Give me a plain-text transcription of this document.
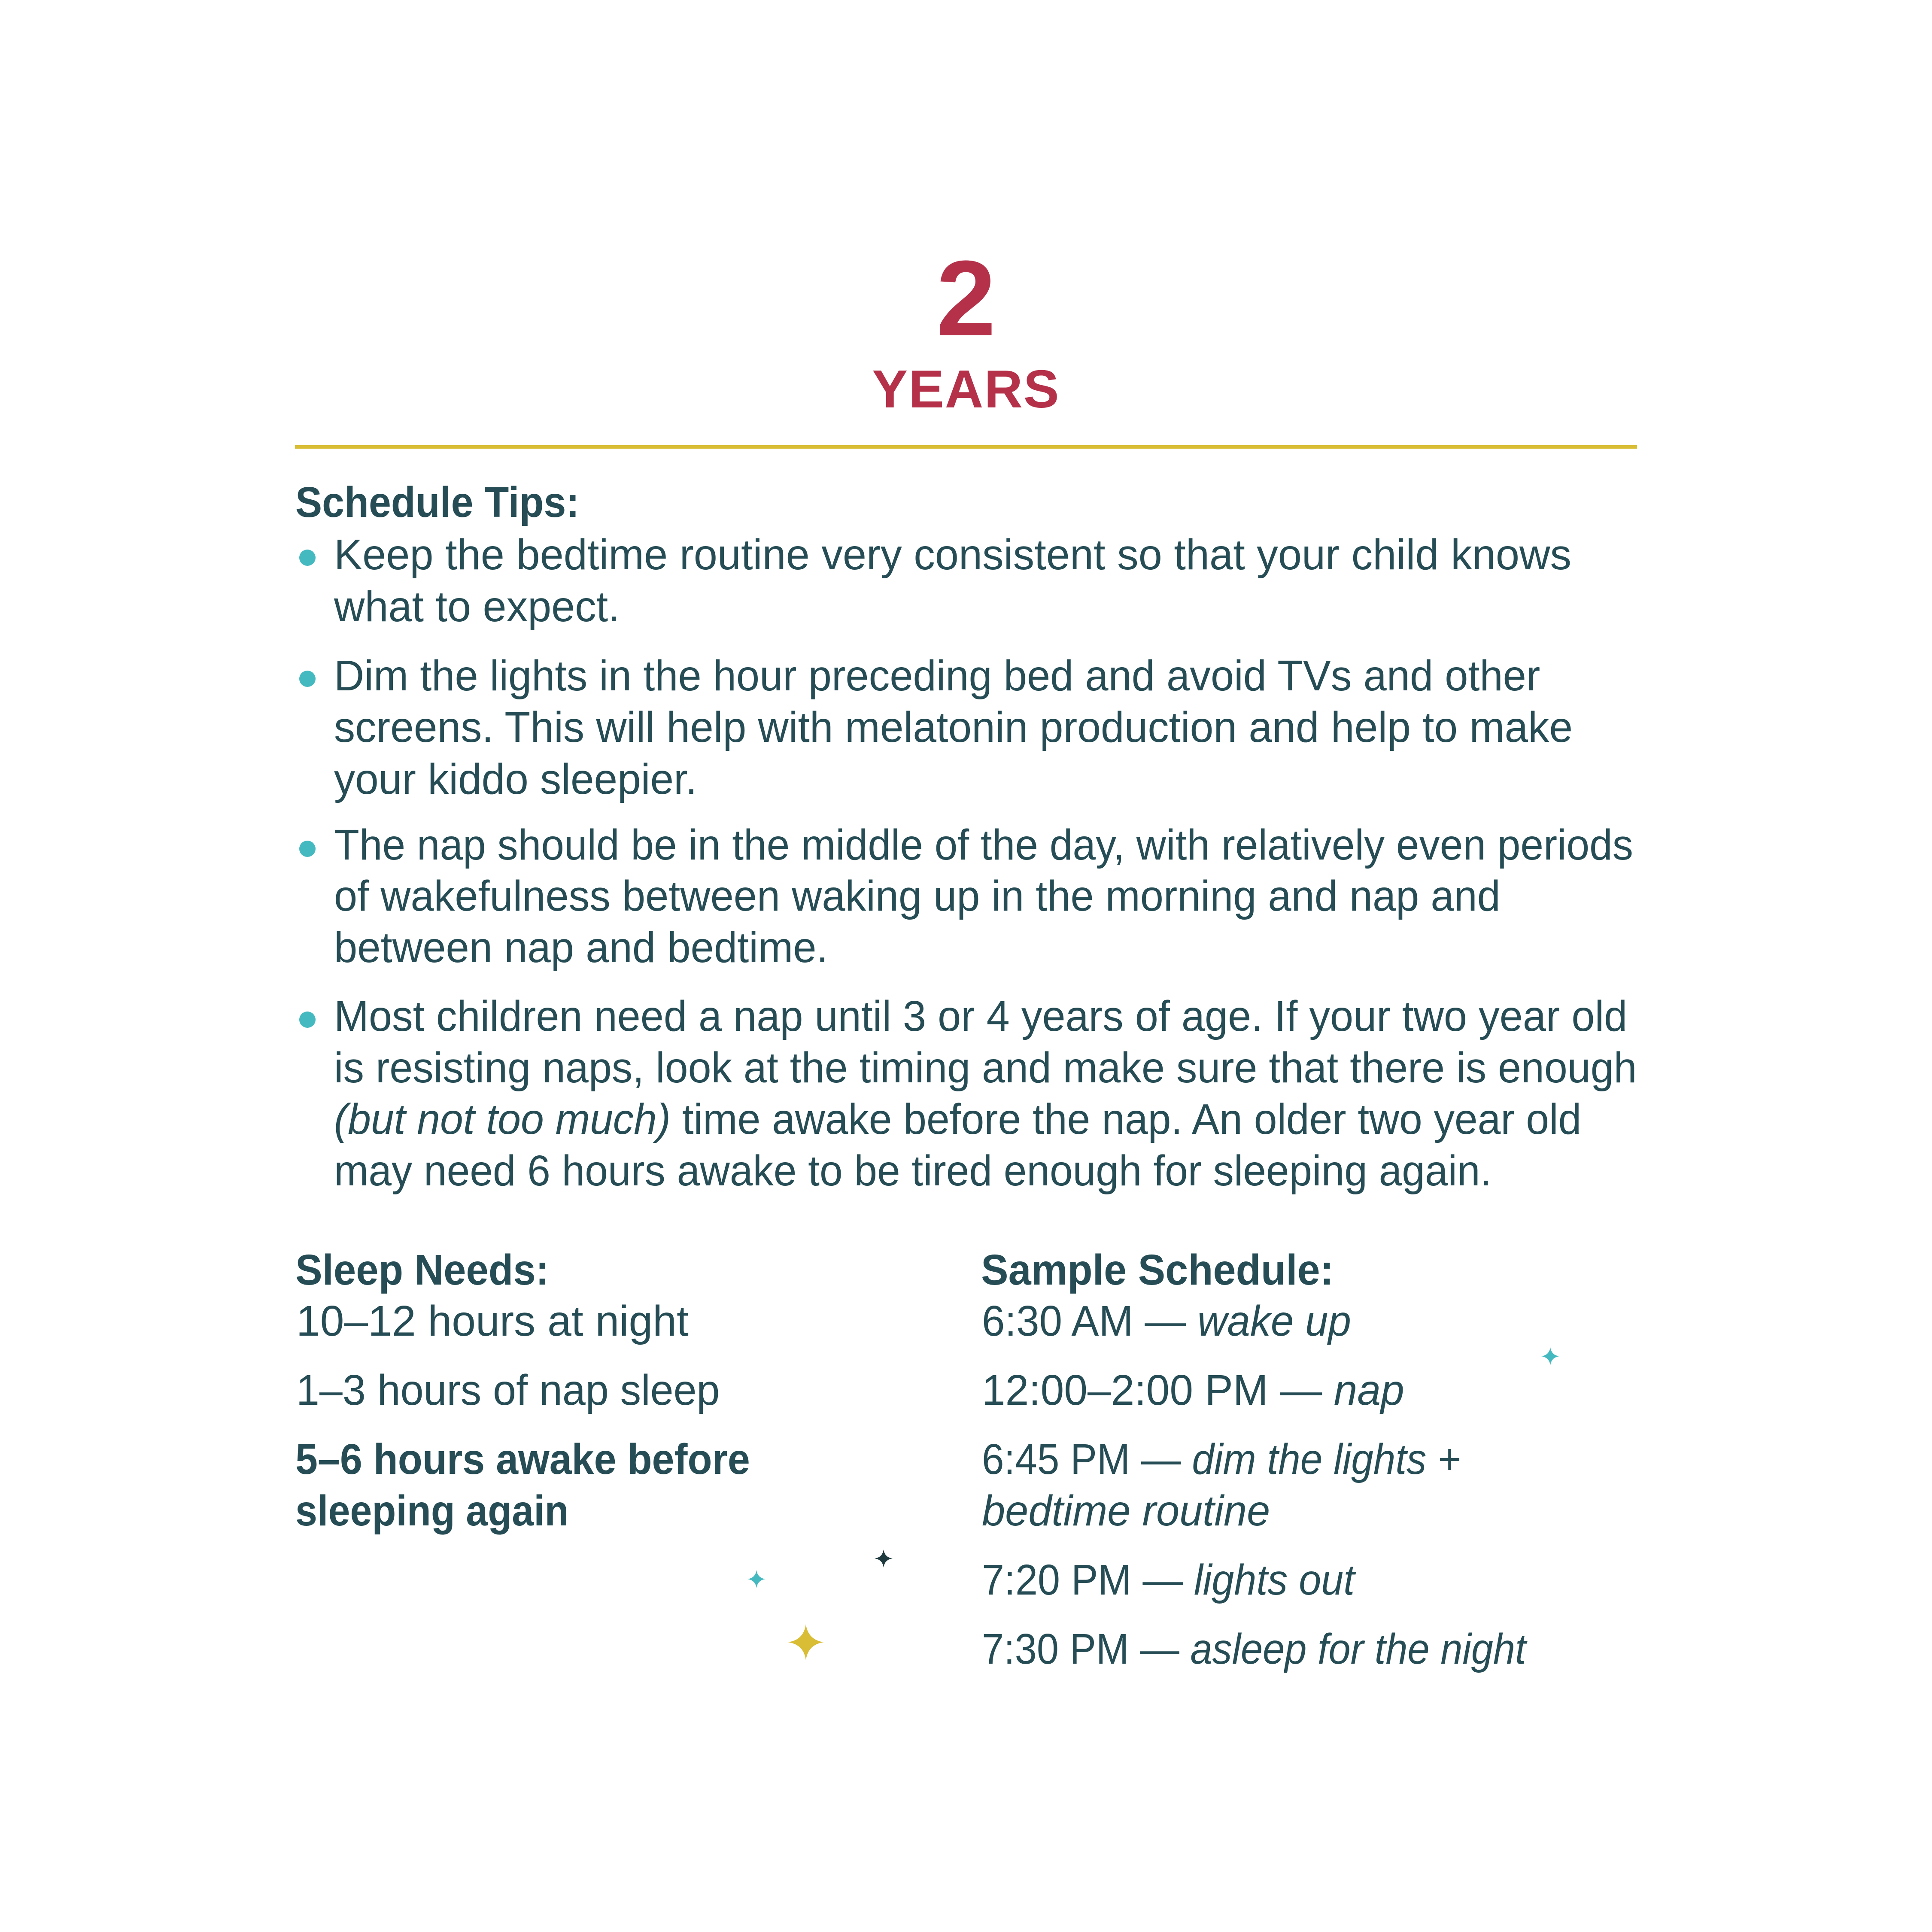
2
YEARS
Schedule Tips:
Keep the bedtime routine very consistent so that your child knows
what to expect.
Dim the lights in the hour preceding bed and avoid TVs and other
screens. This will help with melatonin production and help to make
your kiddo sleepier.
The nap should be in the middle of the day, with relatively even periods
of wakefulness between waking up in the morning and nap and
between nap and bedtime.
Most children need a nap until 3 or 4 years of age. If your two year old
is resisting naps, look at the timing and make sure that there is enough
(but not too much) time awake before the nap. An older two year old
may need 6 hours awake to be tired enough for sleeping again.
Sleep Needs:
10–12 hours at night
1–3 hours of nap sleep
5–6 hours awake before
sleeping again
Sample Schedule:
6:30 AM — wake up
12:00–2:00 PM — nap
6:45 PM — dim the lights +
bedtime routine
7:20 PM — lights out
7:30 PM — asleep for the night
